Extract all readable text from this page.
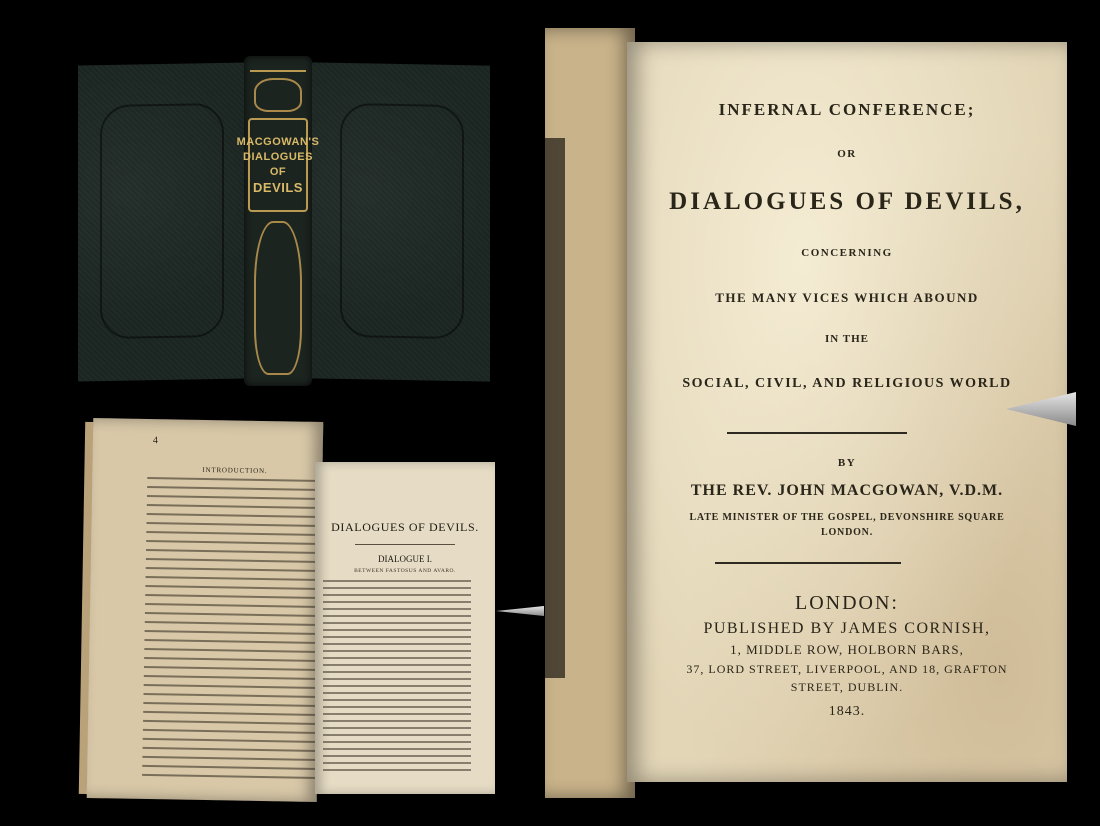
MACGOWAN'S
DIALOGUES
OF
DEVILS
4
INTRODUCTION.
DIALOGUES OF DEVILS.
DIALOGUE I.
BETWEEN FASTOSUS AND AVARO.
INFERNAL CONFERENCE;
OR
DIALOGUES OF DEVILS,
CONCERNING
THE MANY VICES WHICH ABOUND
IN THE
SOCIAL, CIVIL, AND RELIGIOUS WORLD
BY
THE REV. JOHN MACGOWAN, V.D.M.
LATE MINISTER OF THE GOSPEL, DEVONSHIRE SQUARE
LONDON.
LONDON:
PUBLISHED BY JAMES CORNISH,
1, MIDDLE ROW, HOLBORN BARS,
37, LORD STREET, LIVERPOOL, AND 18, GRAFTON
STREET, DUBLIN.
1843.
